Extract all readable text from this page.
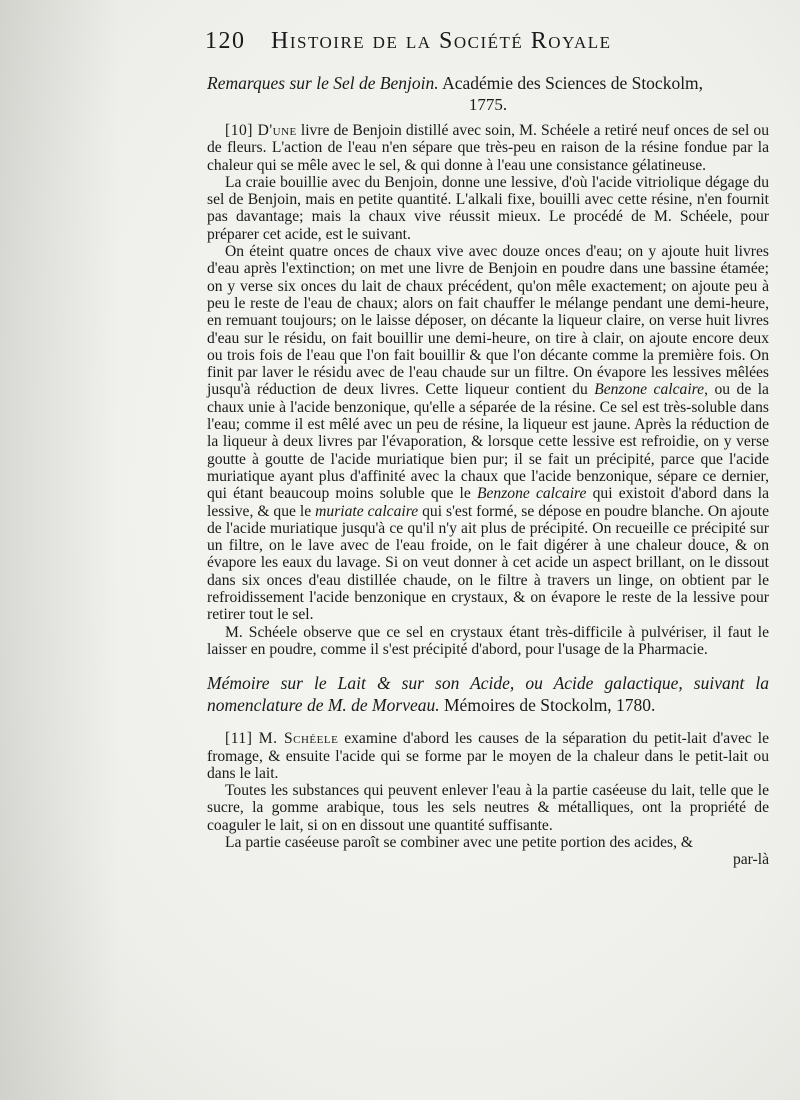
120 Histoire de la Société Royale

Remarques sur le Sel de Benjoin. Académie des Sciences de Stockolm,

1775.

[10] D'une livre de Benjoin distillé avec soin, M. Schéele a retiré neuf onces de sel ou de fleurs. L'action de l'eau n'en sépare que très-peu en raison de la résine fondue par la chaleur qui se mêle avec le sel, & qui donne à l'eau une consistance gélatineuse.

La craie bouillie avec du Benjoin, donne une lessive, d'où l'acide vitriolique dégage du sel de Benjoin, mais en petite quantité. L'alkali fixe, bouilli avec cette résine, n'en fournit pas davantage; mais la chaux vive réussit mieux. Le procédé de M. Schéele, pour préparer cet acide, est le suivant.

On éteint quatre onces de chaux vive avec douze onces d'eau; on y ajoute huit livres d'eau après l'extinction; on met une livre de Benjoin en poudre dans une bassine étamée; on y verse six onces du lait de chaux précédent, qu'on mêle exactement; on ajoute peu à peu le reste de l'eau de chaux; alors on fait chauffer le mélange pendant une demi-heure, en remuant toujours; on le laisse déposer, on décante la liqueur claire, on verse huit livres d'eau sur le résidu, on fait bouillir une demi-heure, on tire à clair, on ajoute encore deux ou trois fois de l'eau que l'on fait bouillir & que l'on décante comme la première fois. On finit par laver le résidu avec de l'eau chaude sur un filtre. On évapore les lessives mêlées jusqu'à réduction de deux livres. Cette liqueur contient du Benzone calcaire, ou de la chaux unie à l'acide benzonique, qu'elle a séparée de la résine. Ce sel est très-soluble dans l'eau; comme il est mêlé avec un peu de résine, la liqueur est jaune. Après la réduction de la liqueur à deux livres par l'évaporation, & lorsque cette lessive est refroidie, on y verse goutte à goutte de l'acide muriatique bien pur; il se fait un précipité, parce que l'acide muriatique ayant plus d'affinité avec la chaux que l'acide benzonique, sépare ce dernier, qui étant beaucoup moins soluble que le Benzone calcaire qui existoit d'abord dans la lessive, & que le muriate calcaire qui s'est formé, se dépose en poudre blanche. On ajoute de l'acide muriatique jusqu'à ce qu'il n'y ait plus de précipité. On recueille ce précipité sur un filtre, on le lave avec de l'eau froide, on le fait digérer à une chaleur douce, & on évapore les eaux du lavage. Si on veut donner à cet acide un aspect brillant, on le dissout dans six onces d'eau distillée chaude, on le filtre à travers un linge, on obtient par le refroidissement l'acide benzonique en crystaux, & on évapore le reste de la lessive pour retirer tout le sel.

M. Schéele observe que ce sel en crystaux étant très-difficile à pulvériser, il faut le laisser en poudre, comme il s'est précipité d'abord, pour l'usage de la Pharmacie.

Mémoire sur le Lait & sur son Acide, ou Acide galactique, suivant la nomenclature de M. de Morveau. Mémoires de Stockolm, 1780.

[11] M. Schéele examine d'abord les causes de la séparation du petit-lait d'avec le fromage, & ensuite l'acide qui se forme par le moyen de la chaleur dans le petit-lait ou dans le lait.

Toutes les substances qui peuvent enlever l'eau à la partie caséeuse du lait, telle que le sucre, la gomme arabique, tous les sels neutres & métalliques, ont la propriété de coaguler le lait, si on en dissout une quantité suffisante.

La partie caséeuse paroît se combiner avec une petite portion des acides, &

par-là
